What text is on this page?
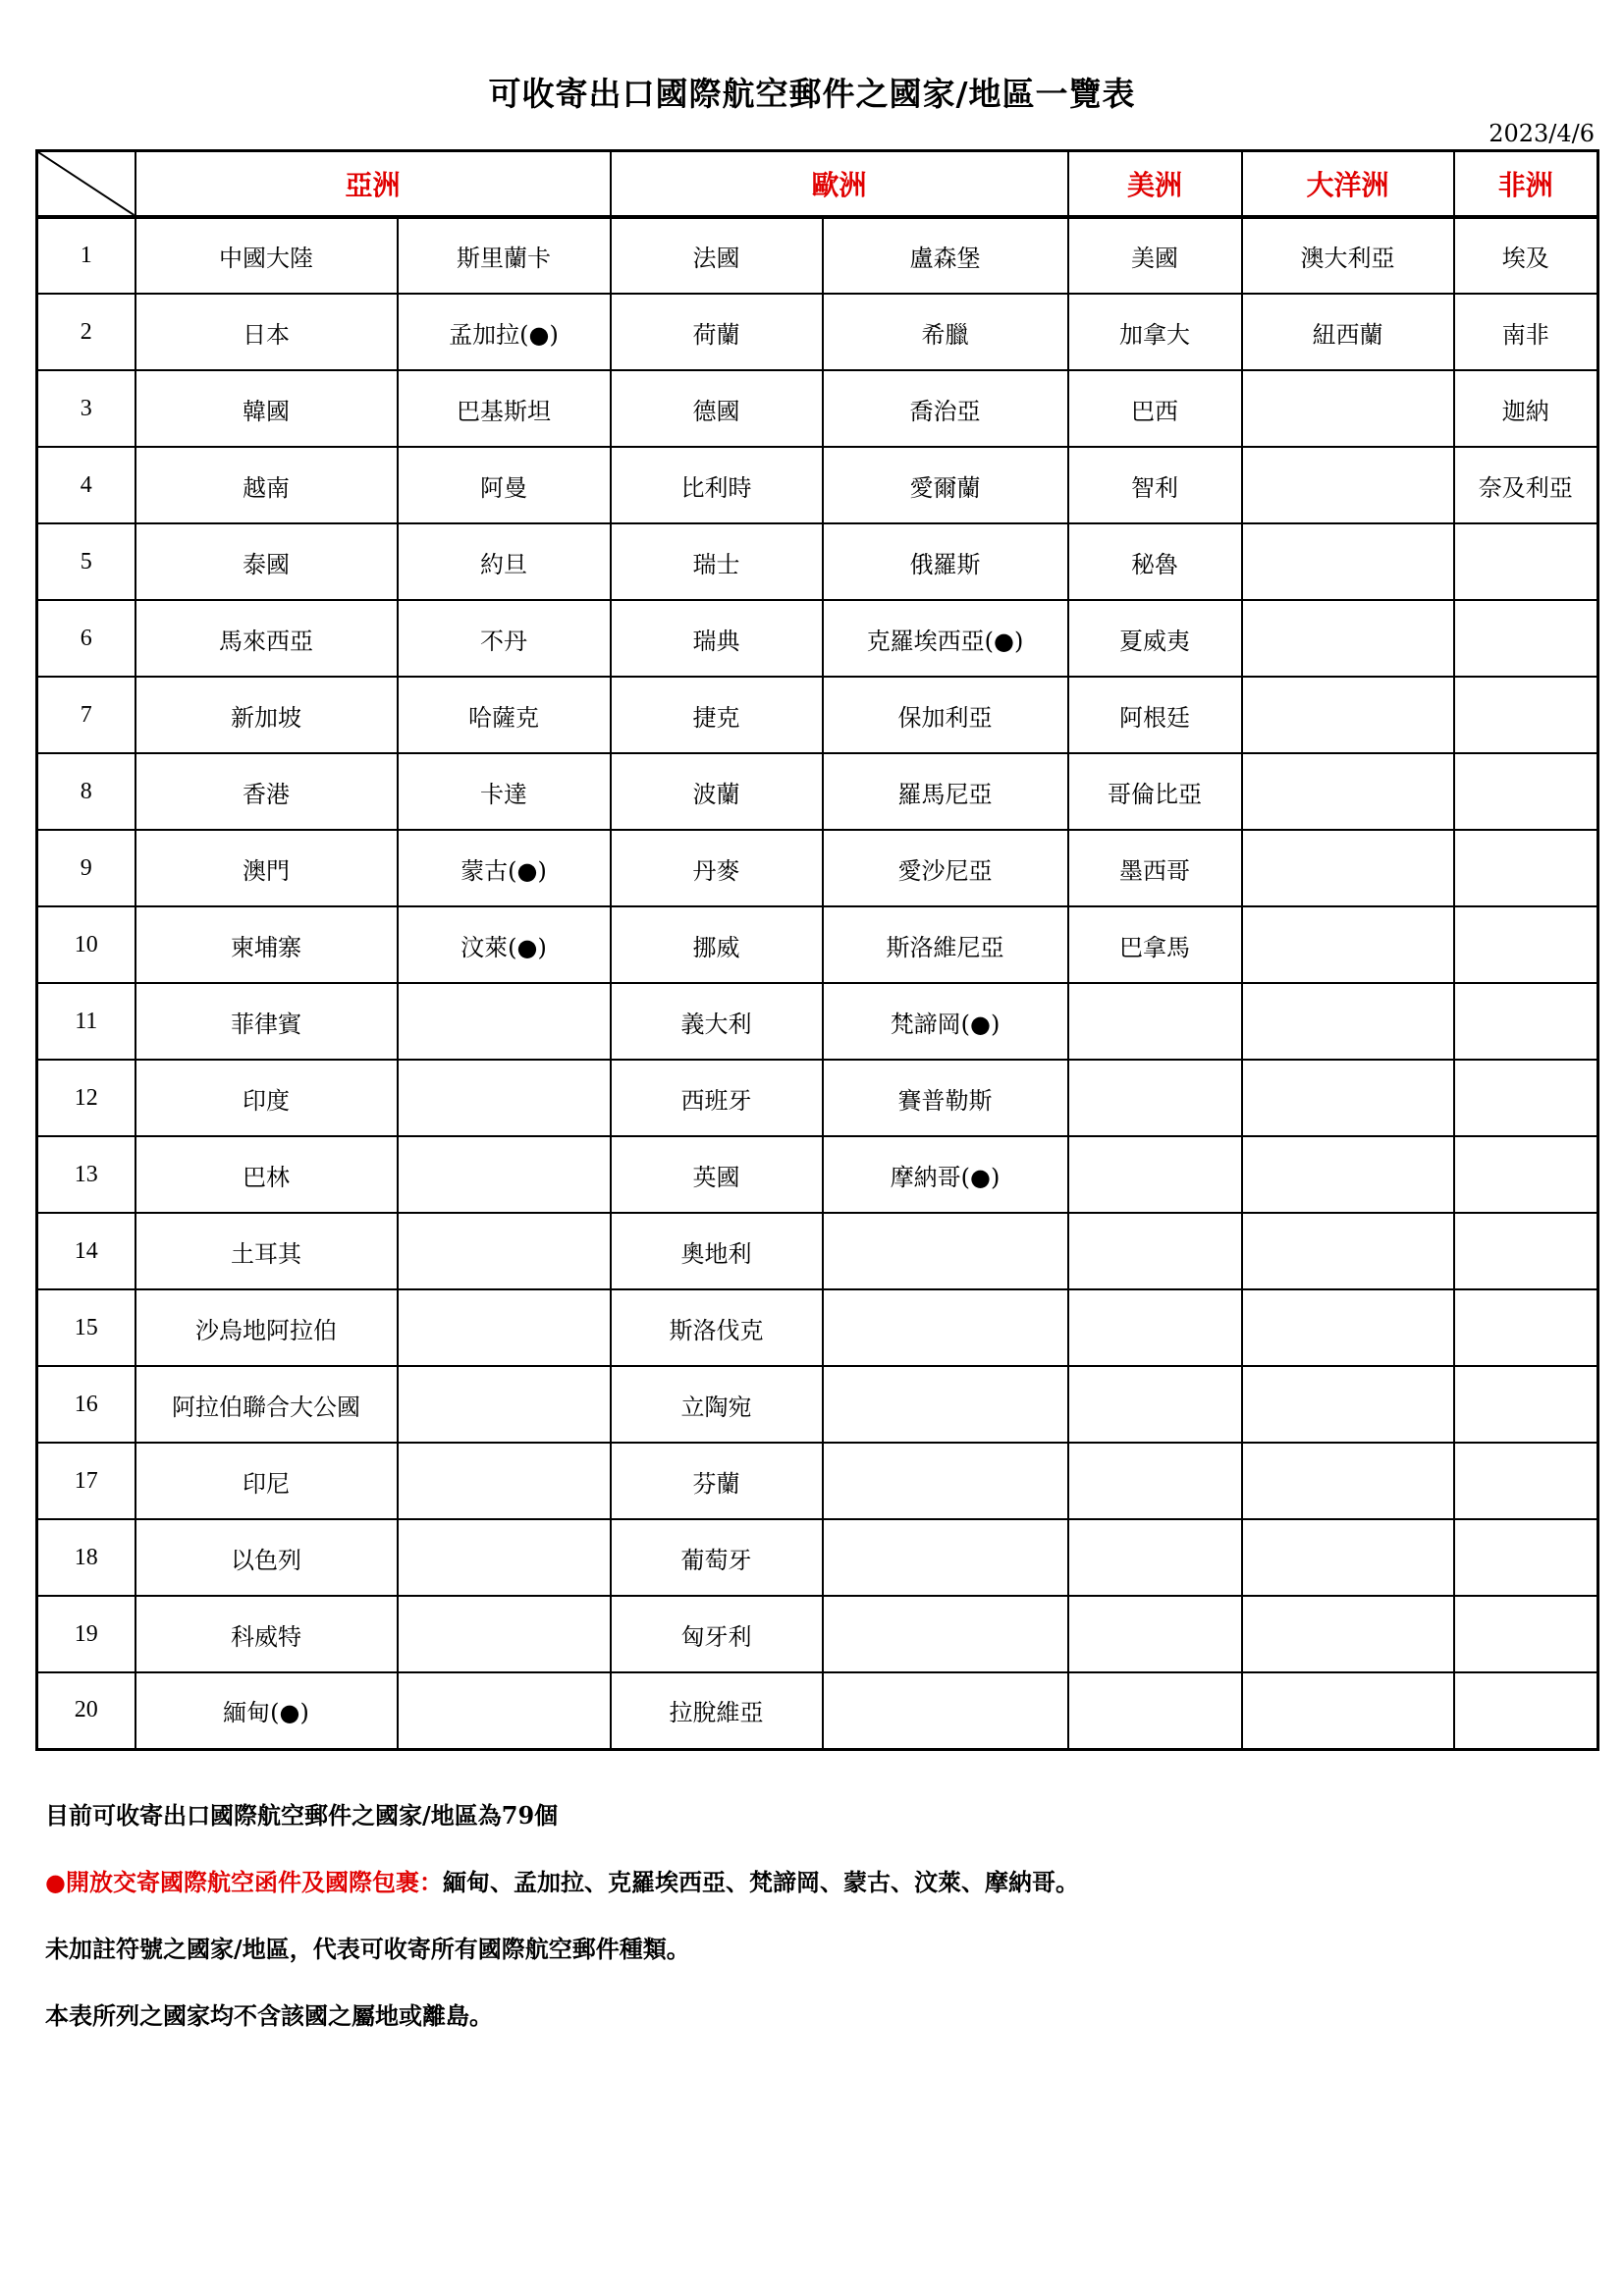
可收寄出口國際航空郵件之國家/地區一覽表
2023/4/6
	亞洲		歐洲		美洲	大洋洲	非洲
1	中國大陸	斯里蘭卡	法國	盧森堡	美國	澳大利亞	埃及
2	日本	孟加拉(●)	荷蘭	希臘	加拿大	紐西蘭	南非
3	韓國	巴基斯坦	德國	喬治亞	巴西		迦納
4	越南	阿曼	比利時	愛爾蘭	智利		奈及利亞
5	泰國	約旦	瑞士	俄羅斯	秘魯		
6	馬來西亞	不丹	瑞典	克羅埃西亞(●)	夏威夷		
7	新加坡	哈薩克	捷克	保加利亞	阿根廷		
8	香港	卡達	波蘭	羅馬尼亞	哥倫比亞		
9	澳門	蒙古(●)	丹麥	愛沙尼亞	墨西哥		
10	柬埔寨	汶萊(●)	挪威	斯洛維尼亞	巴拿馬		
11	菲律賓		義大利	梵諦岡(●)			
12	印度		西班牙	賽普勒斯			
13	巴林		英國	摩納哥(●)			
14	土耳其		奧地利				
15	沙烏地阿拉伯		斯洛伐克				
16	阿拉伯聯合大公國		立陶宛				
17	印尼		芬蘭				
18	以色列		葡萄牙				
19	科威特		匈牙利				
20	緬甸(●)		拉脫維亞				

目前可收寄出口國際航空郵件之國家/地區為79個

●開放交寄國際航空函件及國際包裹：緬甸、孟加拉、克羅埃西亞、梵諦岡、蒙古、汶萊、摩納哥。

未加註符號之國家/地區，代表可收寄所有國際航空郵件種類。

本表所列之國家均不含該國之屬地或離島。
